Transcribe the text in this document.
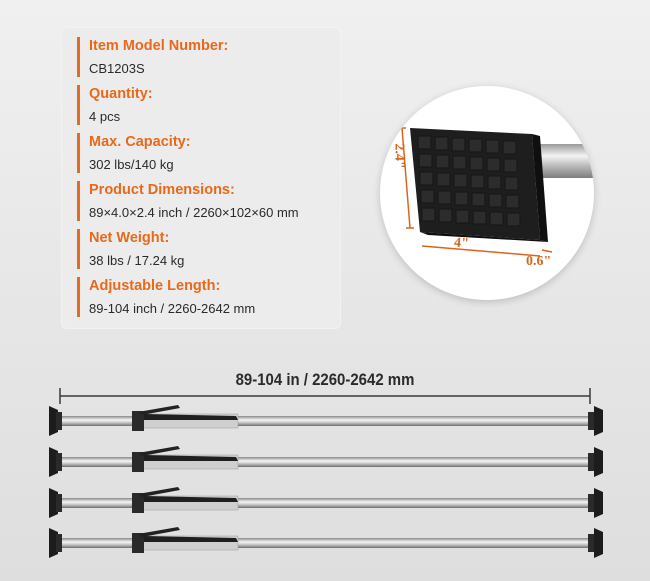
Item Model Number:
CB1203S
Quantity:
4 pcs
Max. Capacity:
302 lbs/140 kg
Product Dimensions:
89×4.0×2.4 inch / 2260×102×60 mm
Net Weight:
38 lbs / 17.24 kg
Adjustable Length:
89-104 inch / 2260-2642 mm
2.4"
4"
0.6"
89-104 in / 2260-2642 mm
